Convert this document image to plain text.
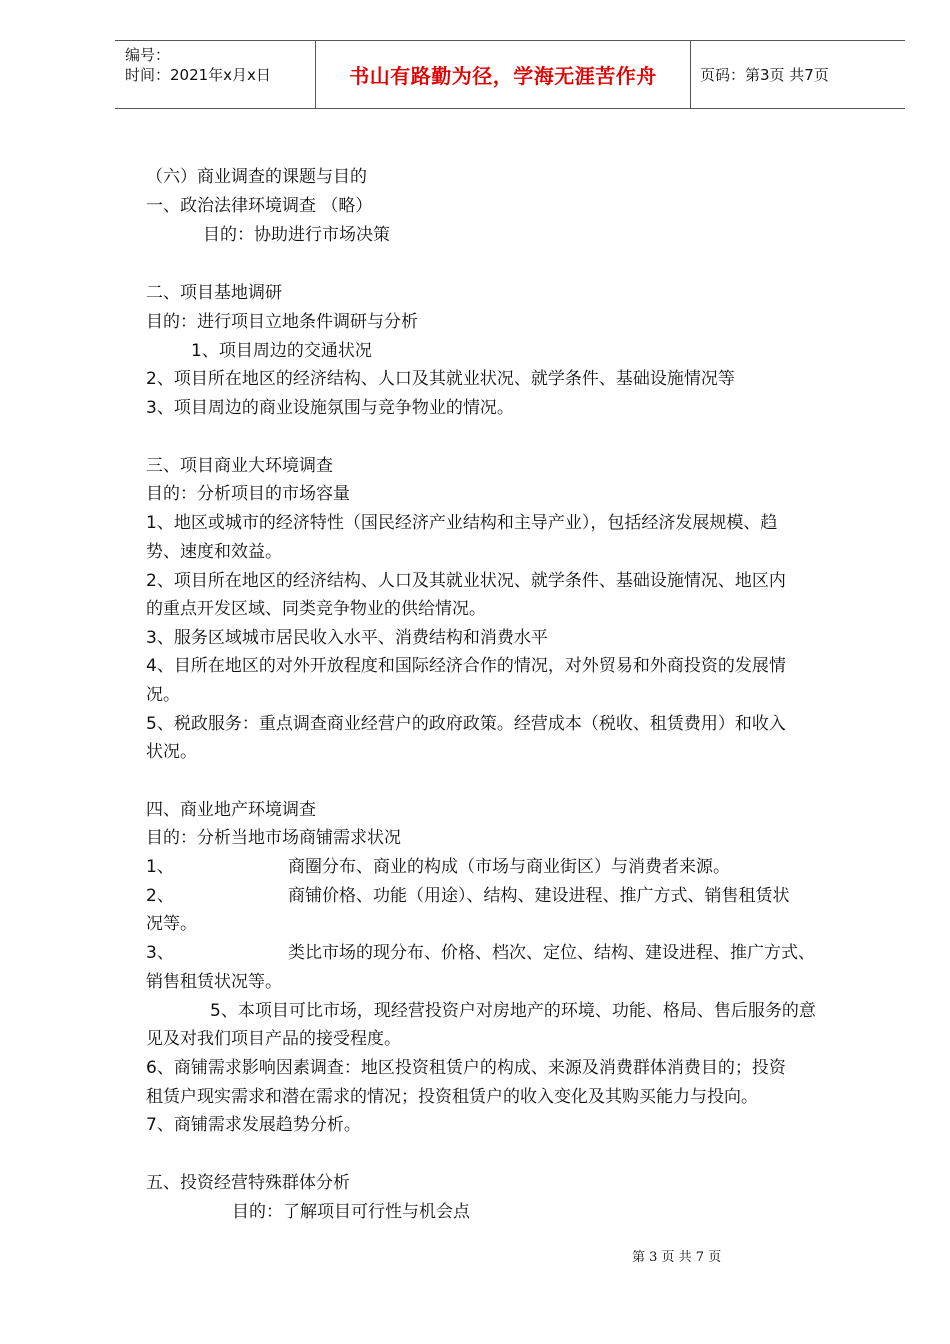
编号：
时间：2021年x月x日	书山有路勤为径，学海无涯苦作舟	页码：第3页 共7页
（六）商业调查的课题与目的
一、政治法律环境调查 （略）
目的：协助进行市场决策
二、项目基地调研
目的：进行项目立地条件调研与分析
1、项目周边的交通状况
2、项目所在地区的经济结构、人口及其就业状况、就学条件、基础设施情况等
3、项目周边的商业设施氛围与竞争物业的情况。
三、项目商业大环境调查
目的：分析项目的市场容量
1、地区或城市的经济特性（国民经济产业结构和主导产业），包括经济发展规模、趋
势、速度和效益。
2、项目所在地区的经济结构、人口及其就业状况、就学条件、基础设施情况、地区内
的重点开发区域、同类竞争物业的供给情况。
3、服务区域城市居民收入水平、消费结构和消费水平
4、目所在地区的对外开放程度和国际经济合作的情况，对外贸易和外商投资的发展情
况。
5、税政服务：重点调查商业经营户的政府政策。经营成本（税收、租赁费用）和收入
状况。
四、商业地产环境调查
目的：分析当地市场商铺需求状况
1、	商圈分布、商业的构成（市场与商业街区）与消费者来源。
2、	商铺价格、功能（用途）、结构、建设进程、推广方式、销售租赁状
况等。
3、	类比市场的现分布、价格、档次、定位、结构、建设进程、推广方式、
销售租赁状况等。
5、本项目可比市场，现经营投资户对房地产的环境、功能、格局、售后服务的意
见及对我们项目产品的接受程度。
6、商铺需求影响因素调查：地区投资租赁户的构成、来源及消费群体消费目的；投资
租赁户现实需求和潜在需求的情况；投资租赁户的收入变化及其购买能力与投向。
7、商铺需求发展趋势分析。
五、投资经营特殊群体分析
目的：了解项目可行性与机会点
第 3 页 共 7 页
